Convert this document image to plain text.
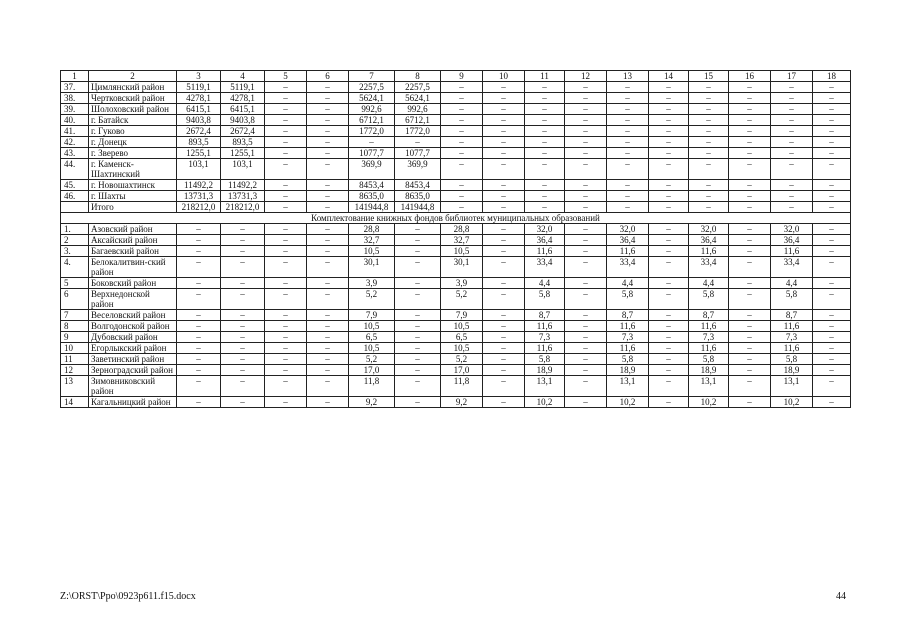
1	2	3	4	5	6	7	8	9	10	11	12	13	14	15	16	17	18
37.	Цимлянский район	5119,1	5119,1	–	–	2257,5	2257,5	–	–	–	–	–	–	–	–	–	–
38.	Чертковский район	4278,1	4278,1	–	–	5624,1	5624,1	–	–	–	–	–	–	–	–	–	–
39.	Шолоховский район	6415,1	6415,1	–	–	992,6	992,6	–	–	–	–	–	–	–	–	–	–
40.	г. Батайск	9403,8	9403,8	–	–	6712,1	6712,1	–	–	–	–	–	–	–	–	–	–
41.	г. Гуково	2672,4	2672,4	–	–	1772,0	1772,0	–	–	–	–	–	–	–	–	–	–
42.	г. Донецк	893,5	893,5	–	–	–	–	–	–	–	–	–	–	–	–	–	–
43.	г. Зверево	1255,1	1255,1	–	–	1077,7	1077,7	–	–	–	–	–	–	–	–	–	–
44.	г. Каменск-Шахтинский	103,1	103,1	–	–	369,9	369,9	–	–	–	–	–	–	–	–	–	–
45.	г. Новошахтинск	11492,2	11492,2	–	–	8453,4	8453,4	–	–	–	–	–	–	–	–	–	–
46.	г. Шахты	13731,3	13731,3	–	–	8635,0	8635,0	–	–	–	–	–	–	–	–	–	–
	Итого	218212,0	218212,0	–	–	141944,8	141944,8	–	–	–	–	–	–	–	–	–	–
Комплектование книжных фондов библиотек муниципальных образований																	
1.	Азовский район	–	–	–	–	28,8	–	28,8	–	32,0	–	32,0	–	32,0	–	32,0	–
2	Аксайский район	–	–	–	–	32,7	–	32,7	–	36,4	–	36,4	–	36,4	–	36,4	–
3.	Багаевский район	–	–	–	–	10,5	–	10,5	–	11,6	–	11,6	–	11,6	–	11,6	–
4.	Белокалитвин-ский район	–	–	–	–	30,1	–	30,1	–	33,4	–	33,4	–	33,4	–	33,4	–
5	Боковский район	–	–	–	–	3,9	–	3,9	–	4,4	–	4,4	–	4,4	–	4,4	–
6	Верхнедонской район	–	–	–	–	5,2	–	5,2	–	5,8	–	5,8	–	5,8	–	5,8	–
7	Веселовский район	–	–	–	–	7,9	–	7,9	–	8,7	–	8,7	–	8,7	–	8,7	–
8	Волгодонской район	–	–	–	–	10,5	–	10,5	–	11,6	–	11,6	–	11,6	–	11,6	–
9	Дубовский район	–	–	–	–	6,5	–	6,5	–	7,3	–	7,3	–	7,3	–	7,3	–
10	Егорлыкский район	–	–	–	–	10,5	–	10,5	–	11,6	–	11,6	–	11,6	–	11,6	–
11	Заветинский район	–	–	–	–	5,2	–	5,2	–	5,8	–	5,8	–	5,8	–	5,8	–
12	Зерноградский район	–	–	–	–	17,0	–	17,0	–	18,9	–	18,9	–	18,9	–	18,9	–
13	Зимовниковский район	–	–	–	–	11,8	–	11,8	–	13,1	–	13,1	–	13,1	–	13,1	–
14	Кагальницкий район	–	–	–	–	9,2	–	9,2	–	10,2	–	10,2	–	10,2	–	10,2	–
Z:\ORST\Ppo\0923p611.f15.docx	44
